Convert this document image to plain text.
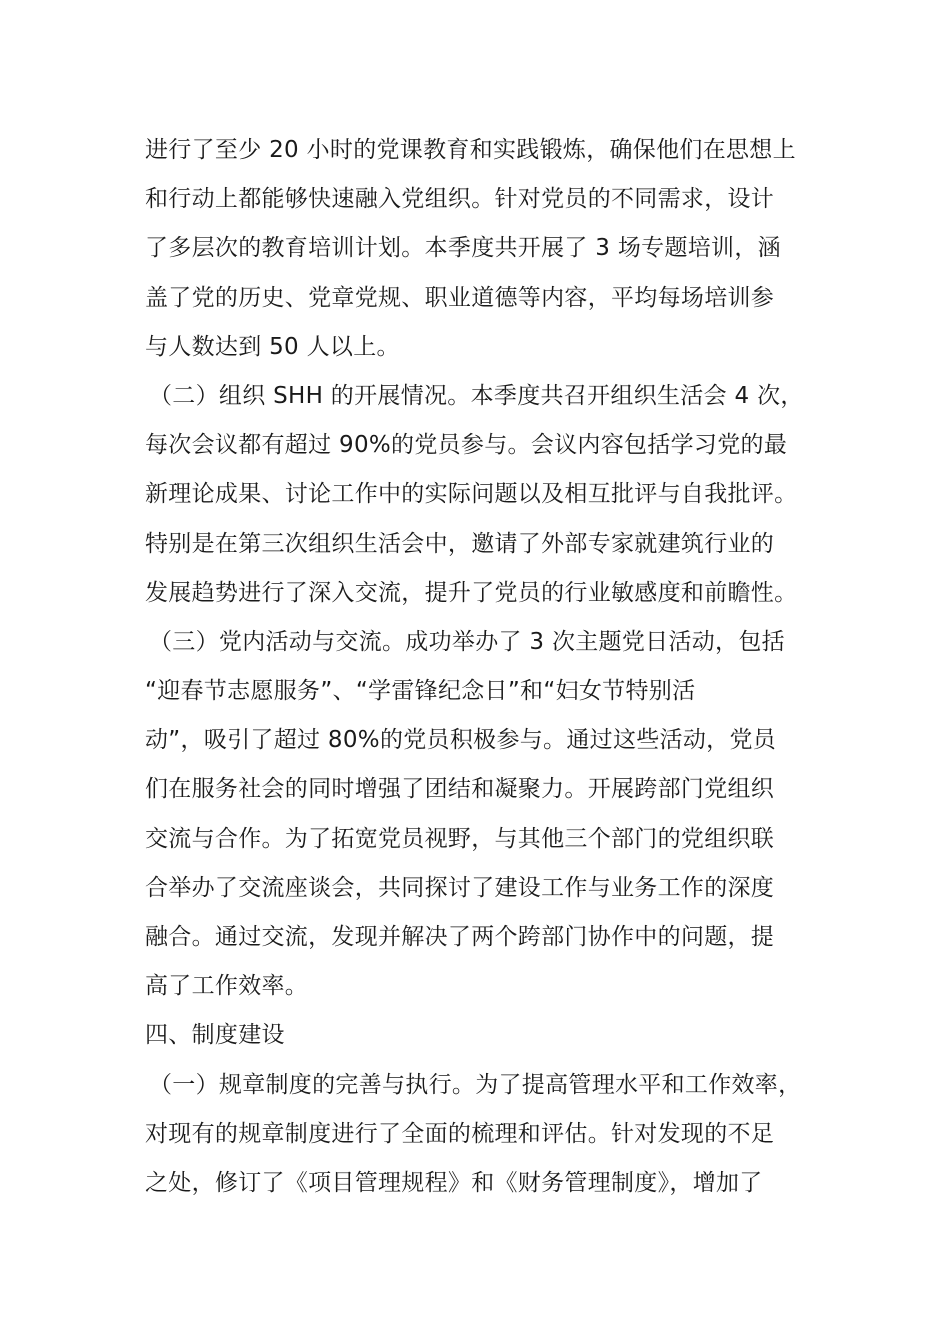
进行了至少 20 小时的党课教育和实践锻炼，确保他们在思想上
和行动上都能够快速融入党组织。针对党员的不同需求，设计
了多层次的教育培训计划。本季度共开展了 3 场专题培训，涵
盖了党的历史、党章党规、职业道德等内容，平均每场培训参
与人数达到 50 人以上。
（二）组织 SHH 的开展情况。本季度共召开组织生活会 4 次，
每次会议都有超过 90%的党员参与。会议内容包括学习党的最
新理论成果、讨论工作中的实际问题以及相互批评与自我批评。
特别是在第三次组织生活会中，邀请了外部专家就建筑行业的
发展趋势进行了深入交流，提升了党员的行业敏感度和前瞻性。
（三）党内活动与交流。成功举办了 3 次主题党日活动，包括
“迎春节志愿服务”、“学雷锋纪念日”和“妇女节特别活
动”，吸引了超过 80%的党员积极参与。通过这些活动，党员
们在服务社会的同时增强了团结和凝聚力。开展跨部门党组织
交流与合作。为了拓宽党员视野，与其他三个部门的党组织联
合举办了交流座谈会，共同探讨了建设工作与业务工作的深度
融合。通过交流，发现并解决了两个跨部门协作中的问题，提
高了工作效率。
四、制度建设
（一）规章制度的完善与执行。为了提高管理水平和工作效率，
对现有的规章制度进行了全面的梳理和评估。针对发现的不足
之处，修订了《项目管理规程》和《财务管理制度》，增加了
